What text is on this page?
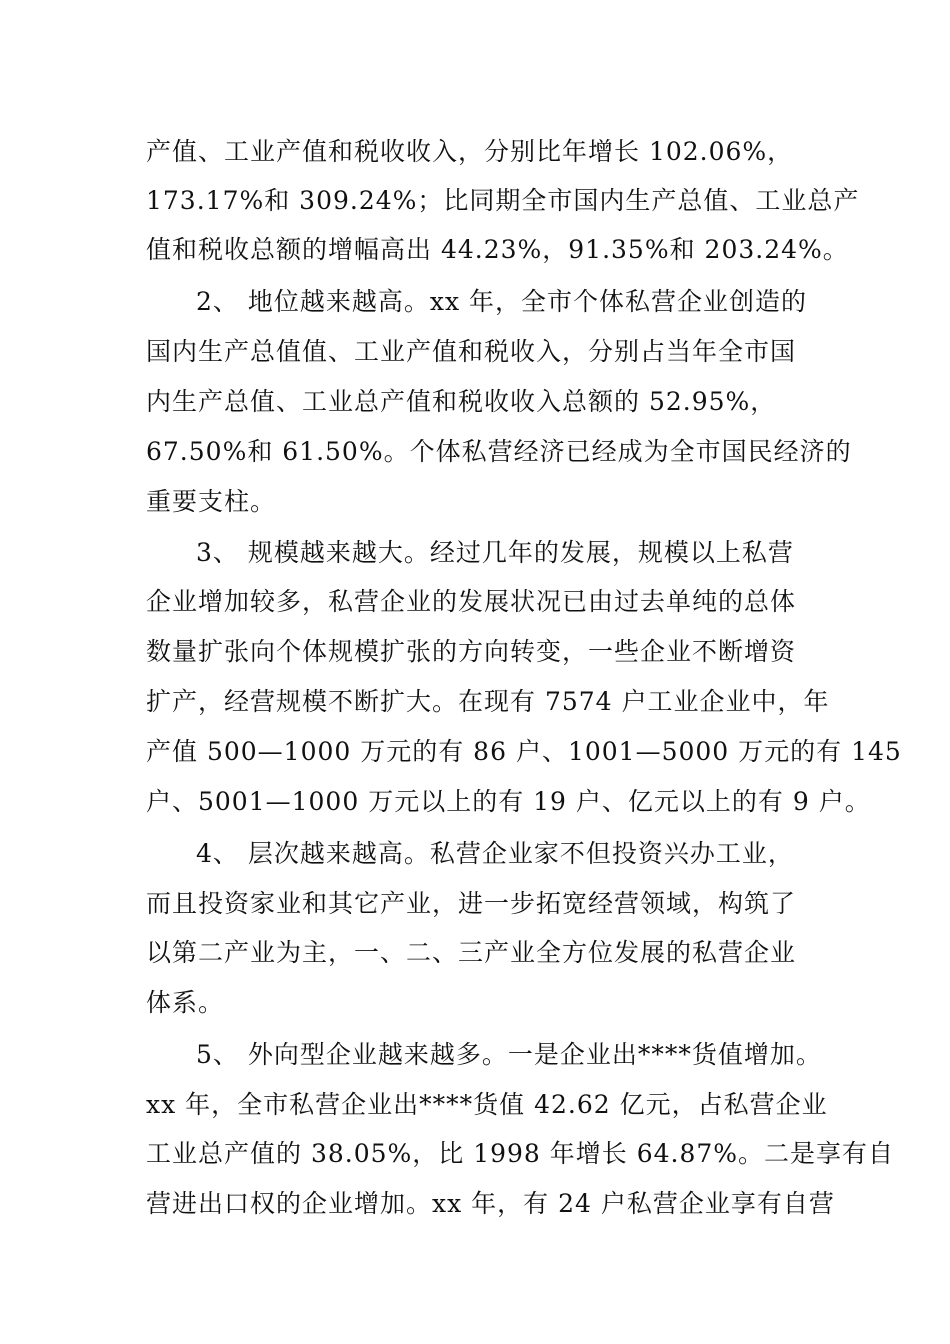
产值、工业产值和税收收入，分别比年增长 102.06%，
173.17%和 309.24%；比同期全市国内生产总值、工业总产
值和税收总额的增幅高出 44.23%，91.35%和 203.24%。
2、 地位越来越高。xx 年，全市个体私营企业创造的
国内生产总值值、工业产值和税收入，分别占当年全市国
内生产总值、工业总产值和税收收入总额的 52.95%，
67.50%和 61.50%。个体私营经济已经成为全市国民经济的
重要支柱。
3、 规模越来越大。经过几年的发展，规模以上私营
企业增加较多，私营企业的发展状况已由过去单纯的总体
数量扩张向个体规模扩张的方向转变，一些企业不断增资
扩产，经营规模不断扩大。在现有 7574 户工业企业中，年
产值 500—1000 万元的有 86 户、1001—5000 万元的有 145
户、5001—1000 万元以上的有 19 户、亿元以上的有 9 户。
4、 层次越来越高。私营企业家不但投资兴办工业，
而且投资家业和其它产业，进一步拓宽经营领域，构筑了
以第二产业为主，一、二、三产业全方位发展的私营企业
体系。
5、 外向型企业越来越多。一是企业出****货值增加。
xx 年，全市私营企业出****货值 42.62 亿元，占私营企业
工业总产值的 38.05%，比 1998 年增长 64.87%。二是享有自
营进出口权的企业增加。xx 年，有 24 户私营企业享有自营
